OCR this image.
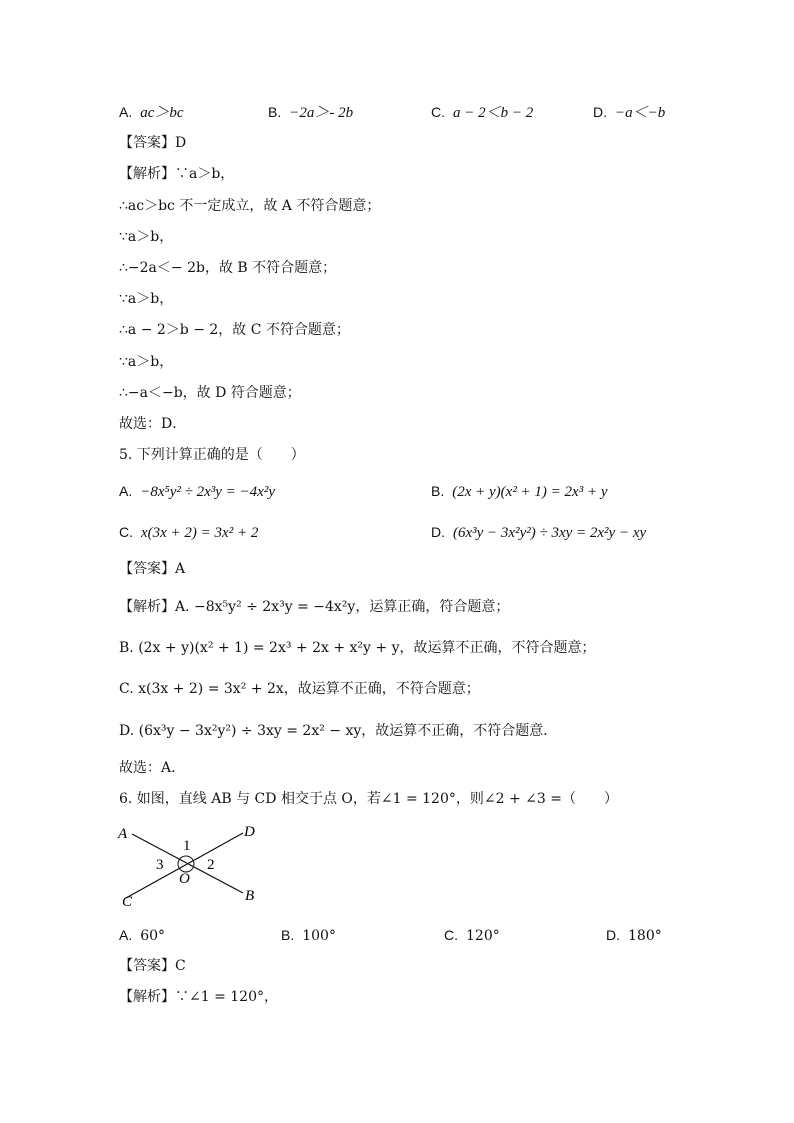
A. ac＞bc	B. −2a＞- 2b	C. a − 2＜b − 2	D. −a＜−b
【答案】D
【解析】∵a＞b，
∴ac＞bc 不一定成立，故 A 不符合题意；
∵a＞b，
∴−2a＜− 2b，故 B 不符合题意；
∵a＞b，
∴a − 2＞b − 2，故 C 不符合题意；
∵a＞b，
∴−a＜−b，故 D 符合题意；
故选：D．
5. 下列计算正确的是（　　）
A. −8x⁵y² ÷ 2x³y = −4x²y	B. (2x + y)(x² + 1) = 2x³ + y
C. x(3x + 2) = 3x² + 2	D. (6x³y − 3x²y²) ÷ 3xy = 2x²y − xy
【答案】A
【解析】A. −8x⁵y² ÷ 2x³y = −4x²y，运算正确，符合题意；
B. (2x + y)(x² + 1) = 2x³ + 2x + x²y + y，故运算不正确，不符合题意；
C. x(3x + 2) = 3x² + 2x，故运算不正确，不符合题意；
D. (6x³y − 3x²y²) ÷ 3xy = 2x² − xy，故运算不正确，不符合题意．
故选：A．
6. 如图，直线 AB 与 CD 相交于点 O，若∠1 = 120°，则∠2 + ∠3 =（　　）
A	D
C	B
O
1
2
3
A. 60°	B. 100°	C. 120°	D. 180°
【答案】C
【解析】∵∠1 = 120°，
